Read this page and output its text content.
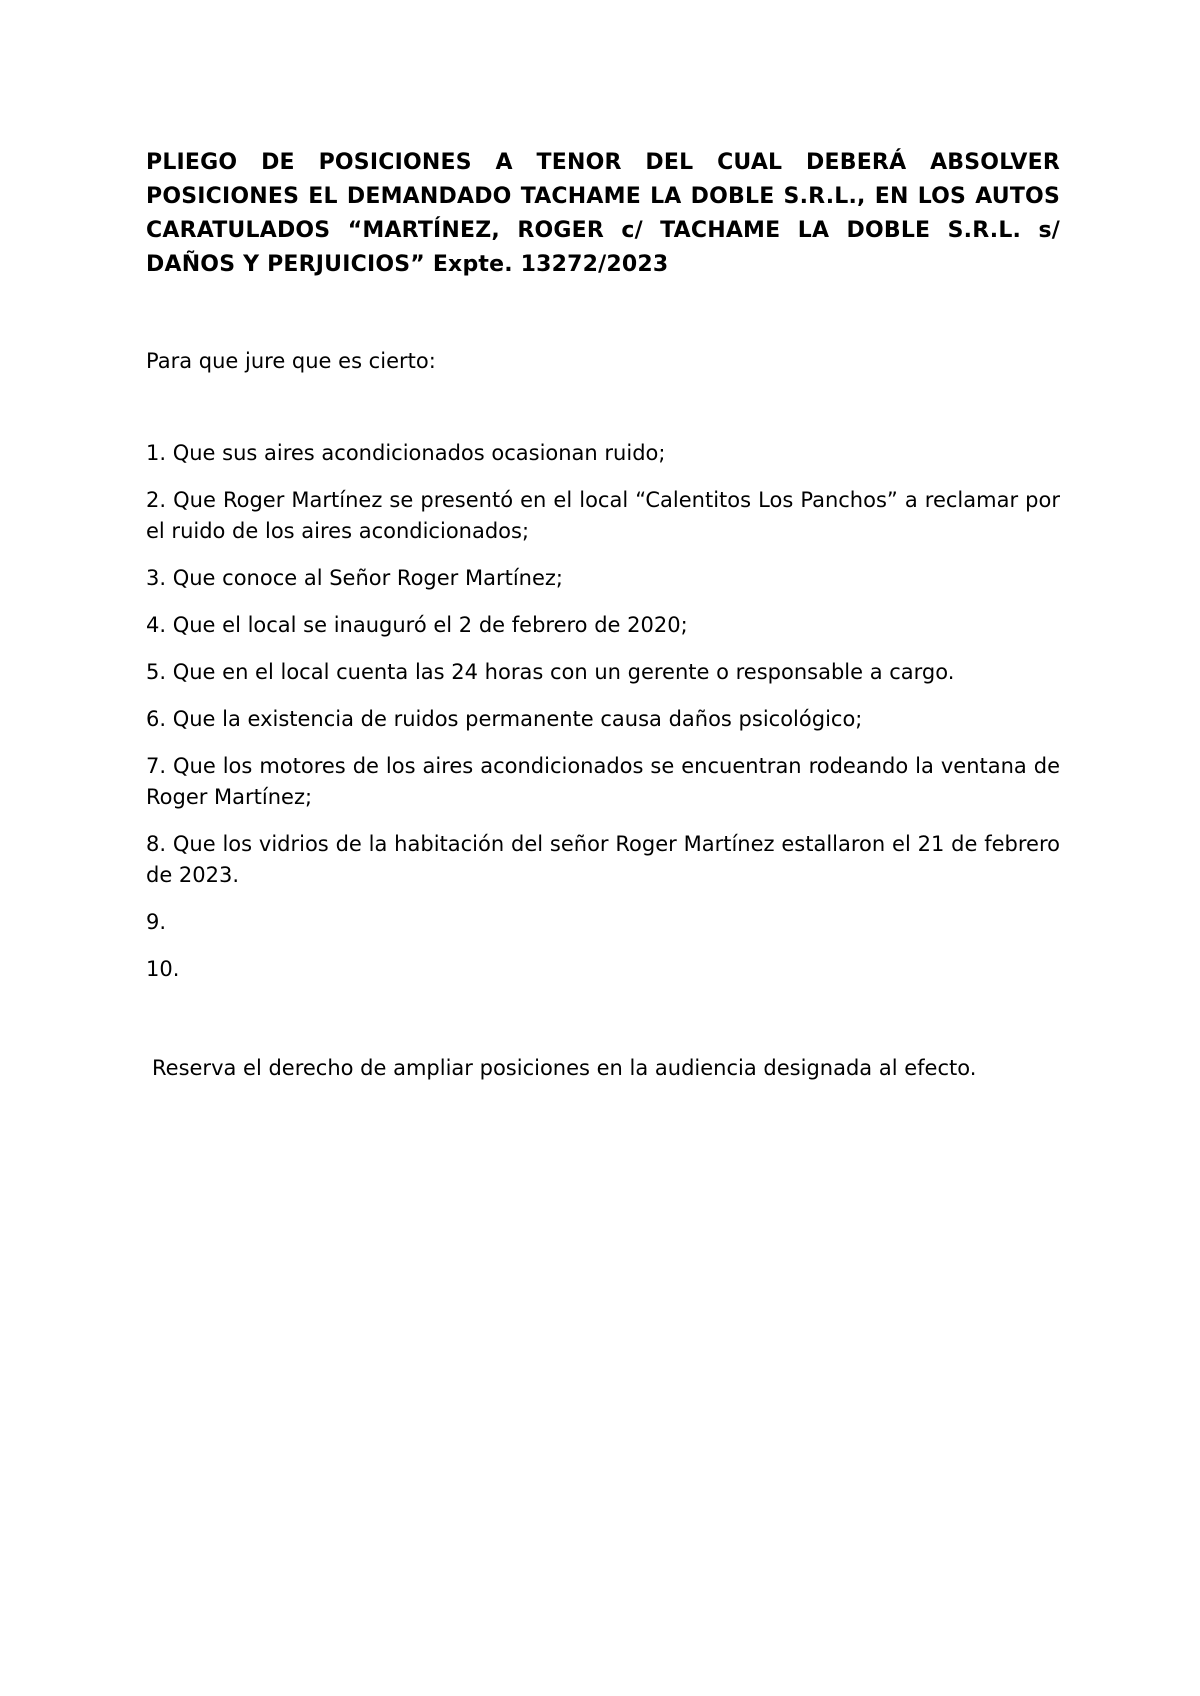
PLIEGO DE POSICIONES A TENOR DEL CUAL DEBERÁ ABSOLVER POSICIONES EL DEMANDADO TACHAME LA DOBLE S.R.L., EN LOS AUTOS CARATULADOS “MARTÍNEZ, ROGER c/ TACHAME LA DOBLE S.R.L. s/ DAÑOS Y PERJUICIOS” Expte. 13272/2023
Para que jure que es cierto:
1. Que sus aires acondicionados ocasionan ruido;
2. Que Roger Martínez se presentó en el local “Calentitos Los Panchos” a reclamar por el ruido de los aires acondicionados;
3. Que conoce al Señor Roger Martínez;
4. Que el local se inauguró el 2 de febrero de 2020;
5. Que en el local cuenta las 24 horas con un gerente o responsable a cargo.
6. Que la existencia de ruidos permanente causa daños psicológico;
7. Que los motores de los aires acondicionados se encuentran rodeando la ventana de Roger Martínez;
8. Que los vidrios de la habitación del señor Roger Martínez estallaron el 21 de febrero de 2023.
9.
10.
Reserva el derecho de ampliar posiciones en la audiencia designada al efecto.
